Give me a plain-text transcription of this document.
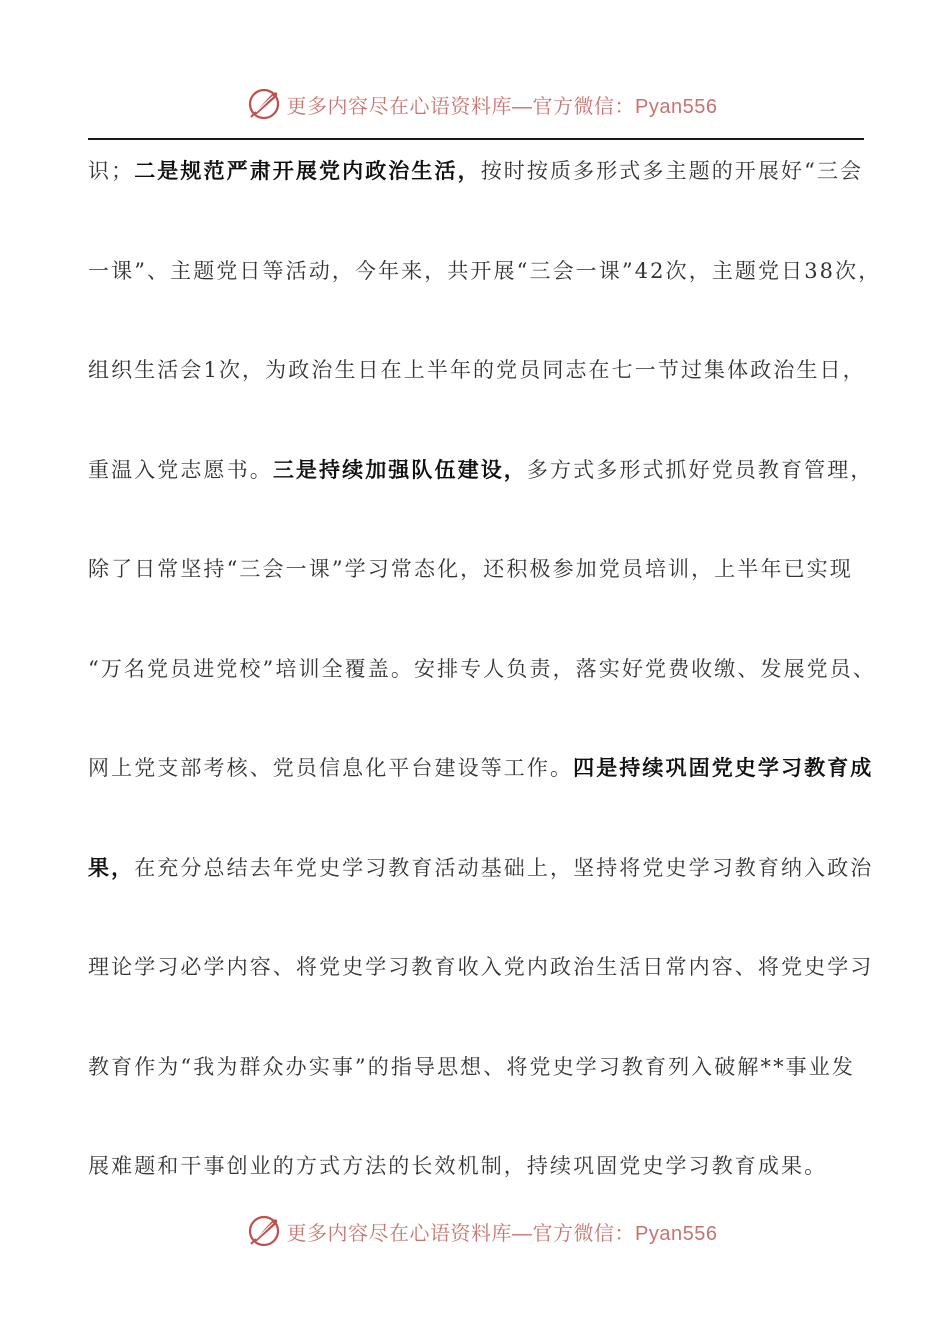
更多内容尽在心语资料库—官方微信：Pyan556
识；二是规范严肃开展党内政治生活，按时按质多形式多主题的开展好“三会
一课”、主题党日等活动，今年来，共开展“三会一课”42次，主题党日38次，
组织生活会1次，为政治生日在上半年的党员同志在七一节过集体政治生日，
重温入党志愿书。三是持续加强队伍建设，多方式多形式抓好党员教育管理，
除了日常坚持“三会一课”学习常态化，还积极参加党员培训，上半年已实现
“万名党员进党校”培训全覆盖。安排专人负责，落实好党费收缴、发展党员、
网上党支部考核、党员信息化平台建设等工作。四是持续巩固党史学习教育成
果，在充分总结去年党史学习教育活动基础上，坚持将党史学习教育纳入政治
理论学习必学内容、将党史学习教育收入党内政治生活日常内容、将党史学习
教育作为“我为群众办实事”的指导思想、将党史学习教育列入破解**事业发
展难题和干事创业的方式方法的长效机制，持续巩固党史学习教育成果。
更多内容尽在心语资料库—官方微信：Pyan556
